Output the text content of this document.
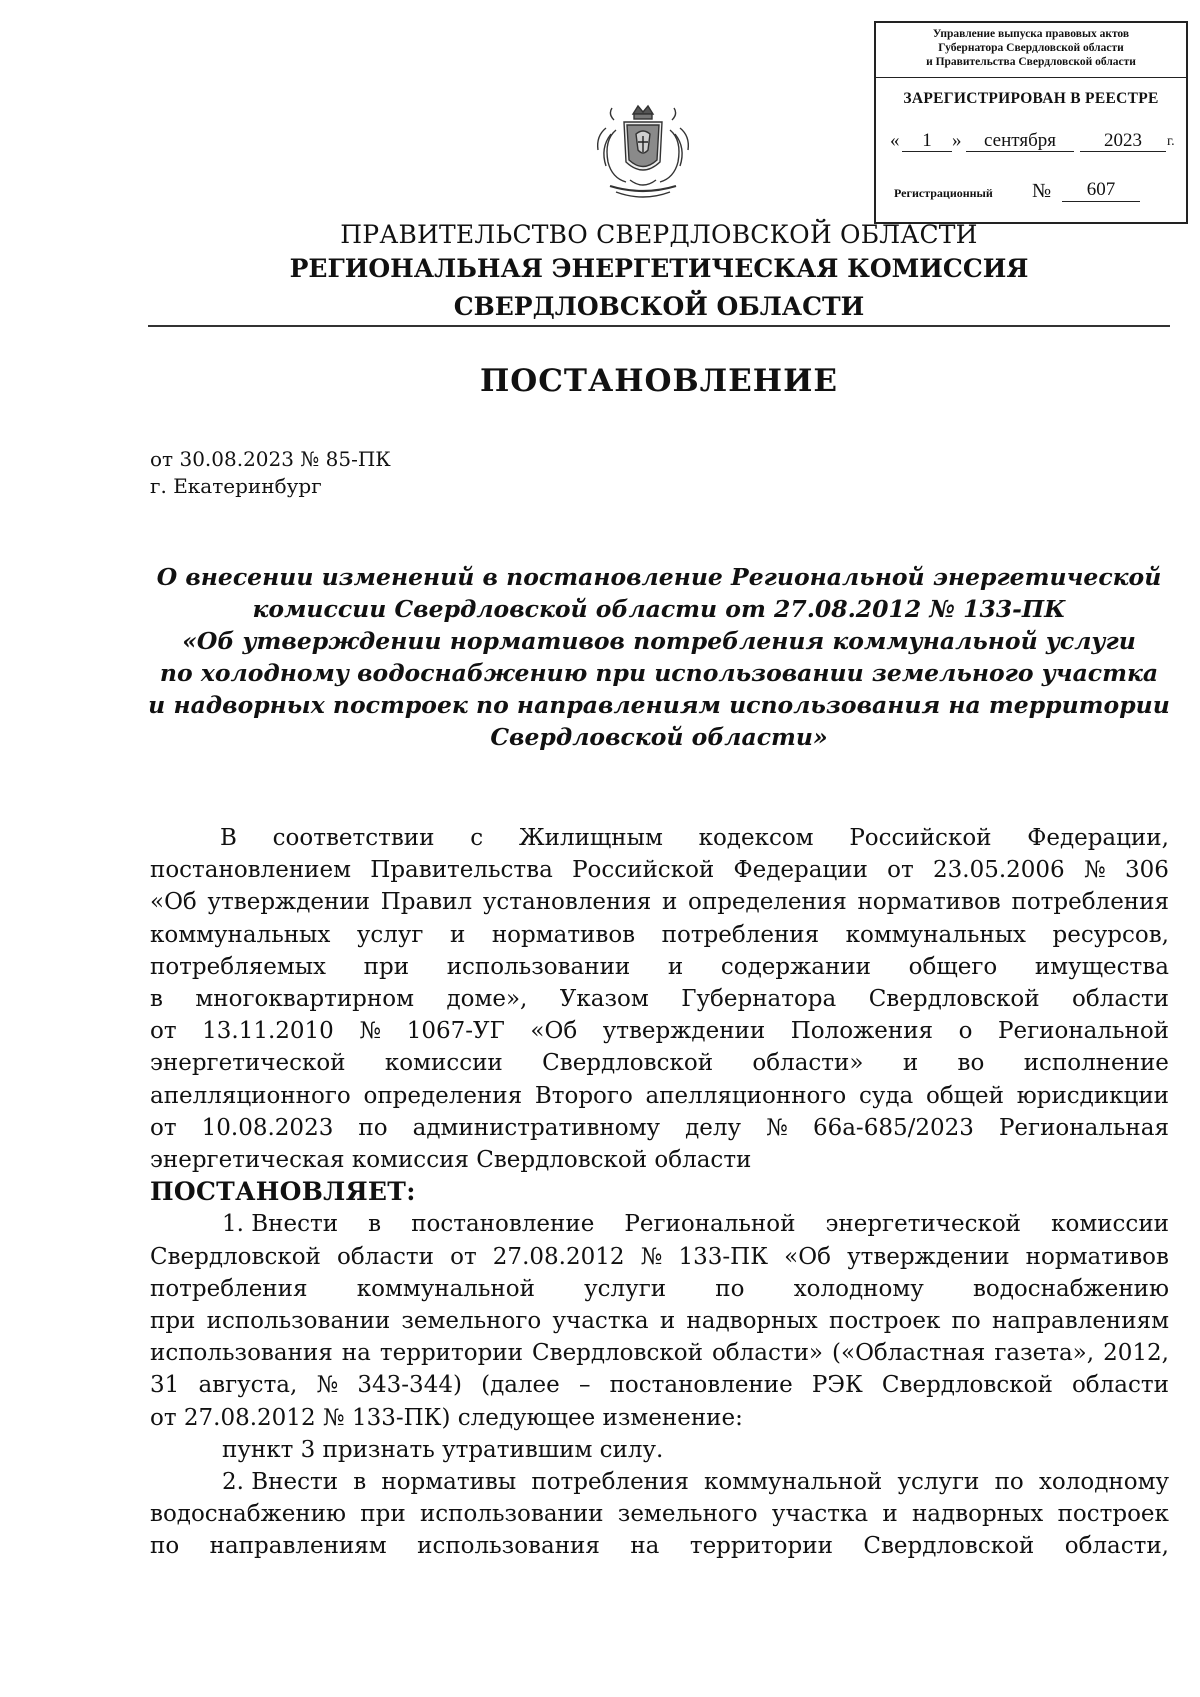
Управление выпуска правовых актов
Губернатора Свердловской области
и Правительства Свердловской области
ЗАРЕГИСТРИРОВАН В РЕЕСТРЕ
«	1	»	сентября	2023	г.
Регистрационный №	607
ПРАВИТЕЛЬСТВО СВЕРДЛОВСКОЙ ОБЛАСТИ
РЕГИОНАЛЬНАЯ ЭНЕРГЕТИЧЕСКАЯ КОМИССИЯ
СВЕРДЛОВСКОЙ ОБЛАСТИ
ПОСТАНОВЛЕНИЕ
от 30.08.2023 № 85-ПК
г. Екатеринбург
О внесении изменений в постановление Региональной энергетической
комиссии Свердловской области от 27.08.2012 № 133-ПК
«Об утверждении нормативов потребления коммунальной услуги
по холодному водоснабжению при использовании земельного участка
и надворных построек по направлениям использования на территории
Свердловской области»
В соответствии с Жилищным кодексом Российской Федерации,
постановлением Правительства Российской Федерации от 23.05.2006 № 306
«Об утверждении Правил установления и определения нормативов потребления
коммунальных услуг и нормативов потребления коммунальных ресурсов,
потребляемых при использовании и содержании общего имущества
в многоквартирном доме», Указом Губернатора Свердловской области
от 13.11.2010 № 1067-УГ «Об утверждении Положения о Региональной
энергетической комиссии Свердловской области» и во исполнение
апелляционного определения Второго апелляционного суда общей юрисдикции
от 10.08.2023 по административному делу № 66а-685/2023 Региональная
энергетическая комиссия Свердловской области
ПОСТАНОВЛЯЕТ:
1. Внести в постановление Региональной энергетической комиссии
Свердловской области от 27.08.2012 № 133-ПК «Об утверждении нормативов
потребления коммунальной услуги по холодному водоснабжению
при использовании земельного участка и надворных построек по направлениям
использования на территории Свердловской области» («Областная газета», 2012,
31 августа, № 343-344) (далее – постановление РЭК Свердловской области
от 27.08.2012 № 133-ПК) следующее изменение:
пункт 3 признать утратившим силу.
2. Внести в нормативы потребления коммунальной услуги по холодному
водоснабжению при использовании земельного участка и надворных построек
по направлениям использования на территории Свердловской области,
